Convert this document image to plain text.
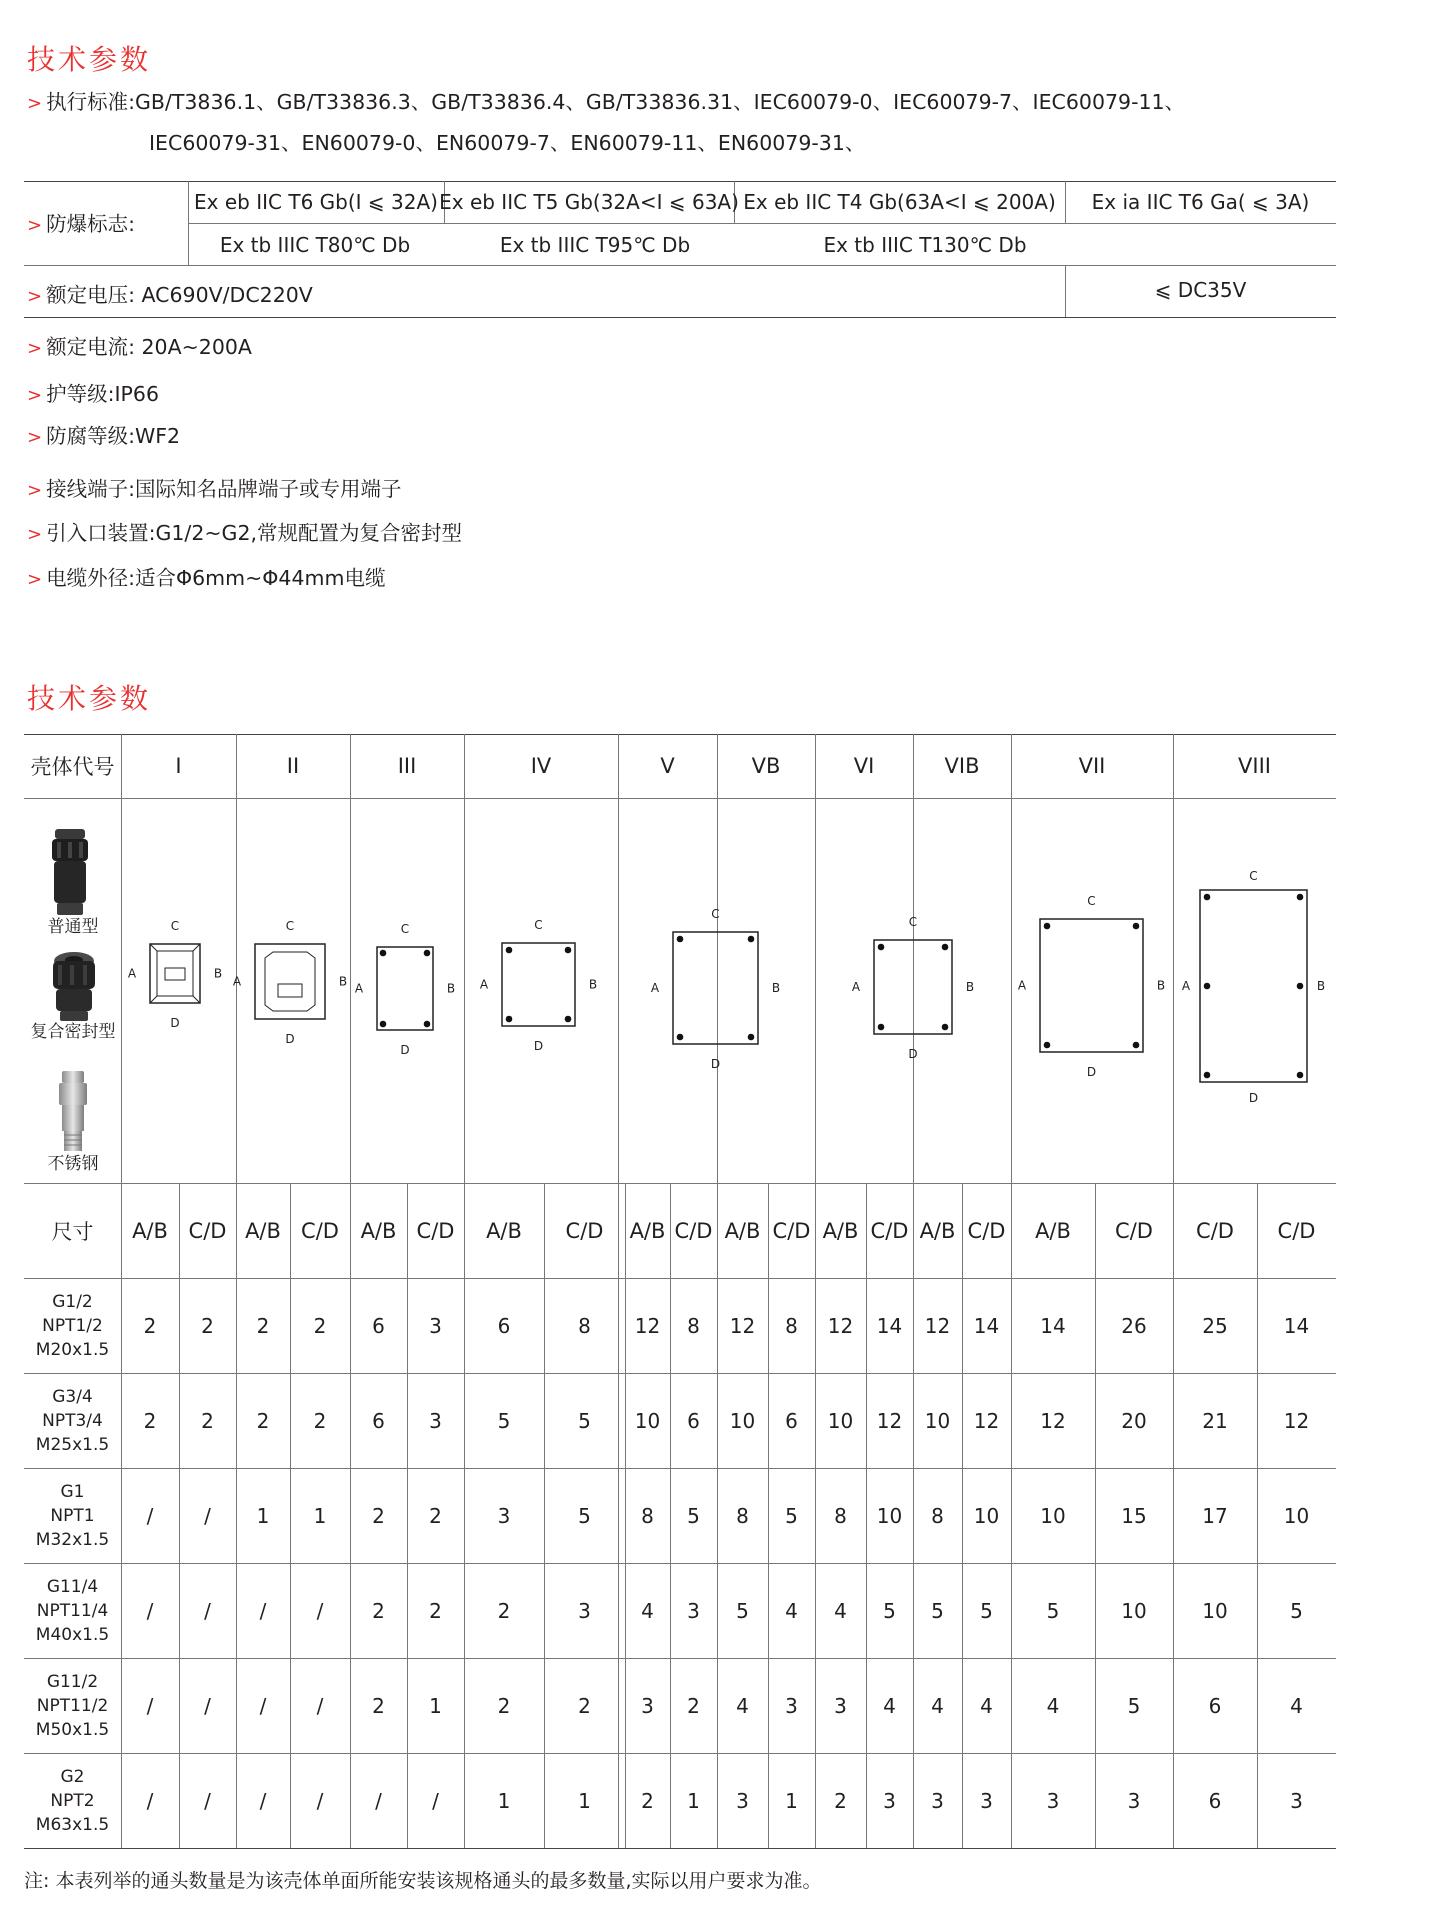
技术参数
> 执行标准:GB/T3836.1、GB/T33836.3、GB/T33836.4、GB/T33836.31、IEC60079-0、IEC60079-7、IEC60079-11、
IEC60079-31、EN60079-0、EN60079-7、EN60079-11、EN60079-31、
> 防爆标志:
Ex eb IIC T6 Gb(I ⩽ 32A) Ex eb IIC T5 Gb(32A<I ⩽ 63A) Ex eb IIC T4 Gb(63A<I ⩽ 200A)	Ex ia IIC T6 Ga( ⩽ 3A)
Ex tb IIIC T80℃ Db	Ex tb IIIC T95℃ Db	Ex tb IIIC T130℃ Db
> 额定电压: AC690V/DC220V	⩽ DC35V
> 额定电流: 20A~200A
> 护等级:IP66
> 防腐等级:WF2
> 接线端子:国际知名品牌端子或专用端子
> 引入口装置:G1/2~G2,常规配置为复合密封型
> 电缆外径:适合Φ6mm~Φ44mm电缆
技术参数
壳体代号	I	II	III	IV	V	VB	VI	VIB	VII	VIII
尺寸	A/B C/D A/B C/D	A/B C/D	A/B	C/D	A/B C/D A/B C/D A/B C/D A/B C/D	A/B	C/D	C/D	C/D
G1/2
NPT1/2
M20x1.5
2	2	2	2	6	3	6	8	12	8	12	8	12	14	12	14	14	26	25	14
G3/4
NPT3/4
M25x1.5
2	2	2	2	6	3	5	5	10	6	10	6	10	12	10	12	12	20	21	12
G1
NPT1
M32x1.5
/	/	1	1	2	2	3	5	8	5	8	5	8	10	8	10	10	15	17	10
G11/4
NPT11/4
M40x1.5
/	/	/	/	2	2	2	3	4	3	5	4	4	5	5	5	5	10	10	5
G11/2
NPT11/2
M50x1.5
/	/	/	/	2	1	2	2	3	2	4	3	3	4	4	4	4	5	6	4
G2
NPT2
M63x1.5
/	/	/	/	/	/	1	1	2	1	3	1	2	3	3	3	3	3	6	3
普通型
复合密封型
不锈钢
C
D
A	B
C
D
A	B
C
D
A	B
C
D
A	B
C
D
A	B
C
D
A	B
C
D
A	B
C
D
A	B
注: 本表列举的通头数量是为该壳体单面所能安装该规格通头的最多数量,实际以用户要求为准。
